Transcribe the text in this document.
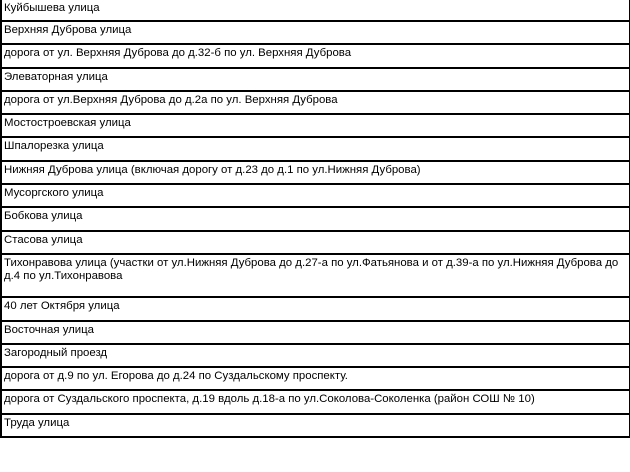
Куйбышева улица
Верхняя Дуброва улица
дорога от ул. Верхняя Дуброва до д.32-б по ул. Верхняя Дуброва
Элеваторная улица
дорога от ул.Верхняя Дуброва до д.2а по ул. Верхняя Дуброва
Мостостроевская улица
Шпалорезка улица
Нижняя Дуброва улица (включая дорогу от д.23 до д.1 по ул.Нижняя Дуброва)
Мусоргского улица
Бобкова улица
Стасова улица
Тихонравова улица (участки от ул.Нижняя Дуброва до д.27-а по ул.Фатьянова и от д.39-а по ул.Нижняя Дуброва до д.4 по ул.Тихонравова
40 лет Октября улица
Восточная улица
Загородный проезд
дорога от д.9 по ул. Егорова до д.24 по Суздальскому проспекту.
дорога от Суздальского проспекта, д.19 вдоль д.18-а по ул.Соколова-Соколенка (район СОШ № 10)
Труда улица
